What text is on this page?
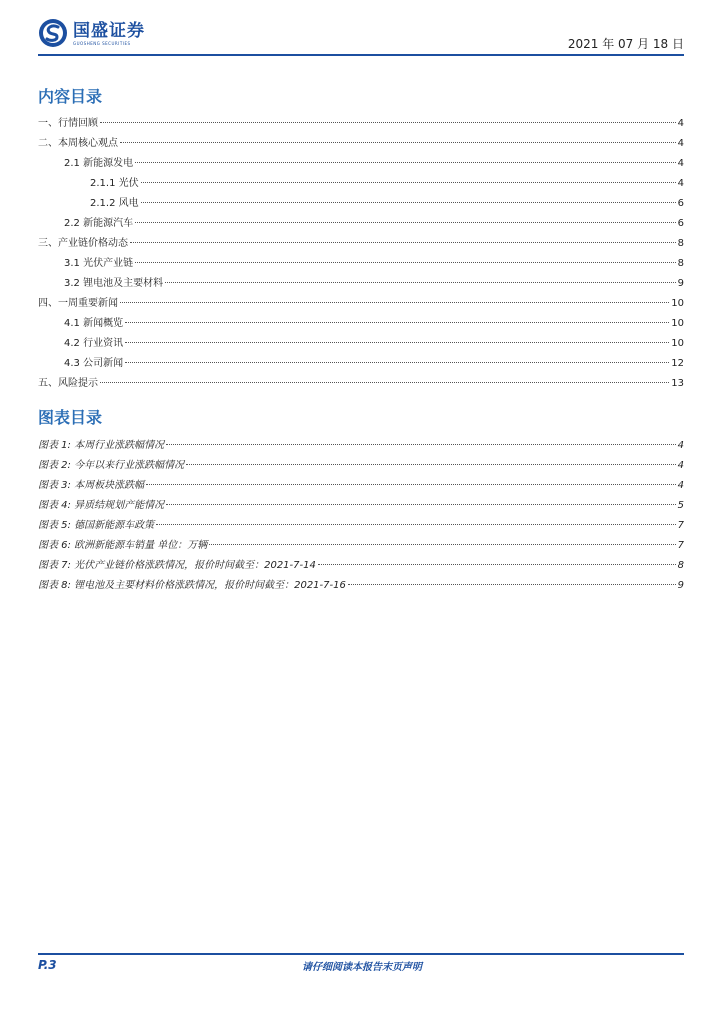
国盛证券
GUOSHENG SECURITIES	2021 年 07 月 18 日
内容目录
一、行情回顾	4
二、本周核心观点	4
2.1 新能源发电	4
2.1.1 光伏	4
2.1.2 风电	6
2.2 新能源汽车	6
三、产业链价格动态	8
3.1 光伏产业链	8
3.2 锂电池及主要材料	9
四、一周重要新闻	10
4.1 新闻概览	10
4.2 行业资讯	10
4.3 公司新闻	12
五、风险提示	13
图表目录
图表 1: 本周行业涨跌幅情况	4
图表 2: 今年以来行业涨跌幅情况	4
图表 3: 本周板块涨跌幅	4
图表 4: 异质结规划产能情况	5
图表 5: 德国新能源车政策	7
图表 6: 欧洲新能源车销量 单位：万辆	7
图表 7: 光伏产业链价格涨跌情况，报价时间截至：2021-7-14	8
图表 8: 锂电池及主要材料价格涨跌情况，报价时间截至：2021-7-16	9
P.3	请仔细阅读本报告末页声明
